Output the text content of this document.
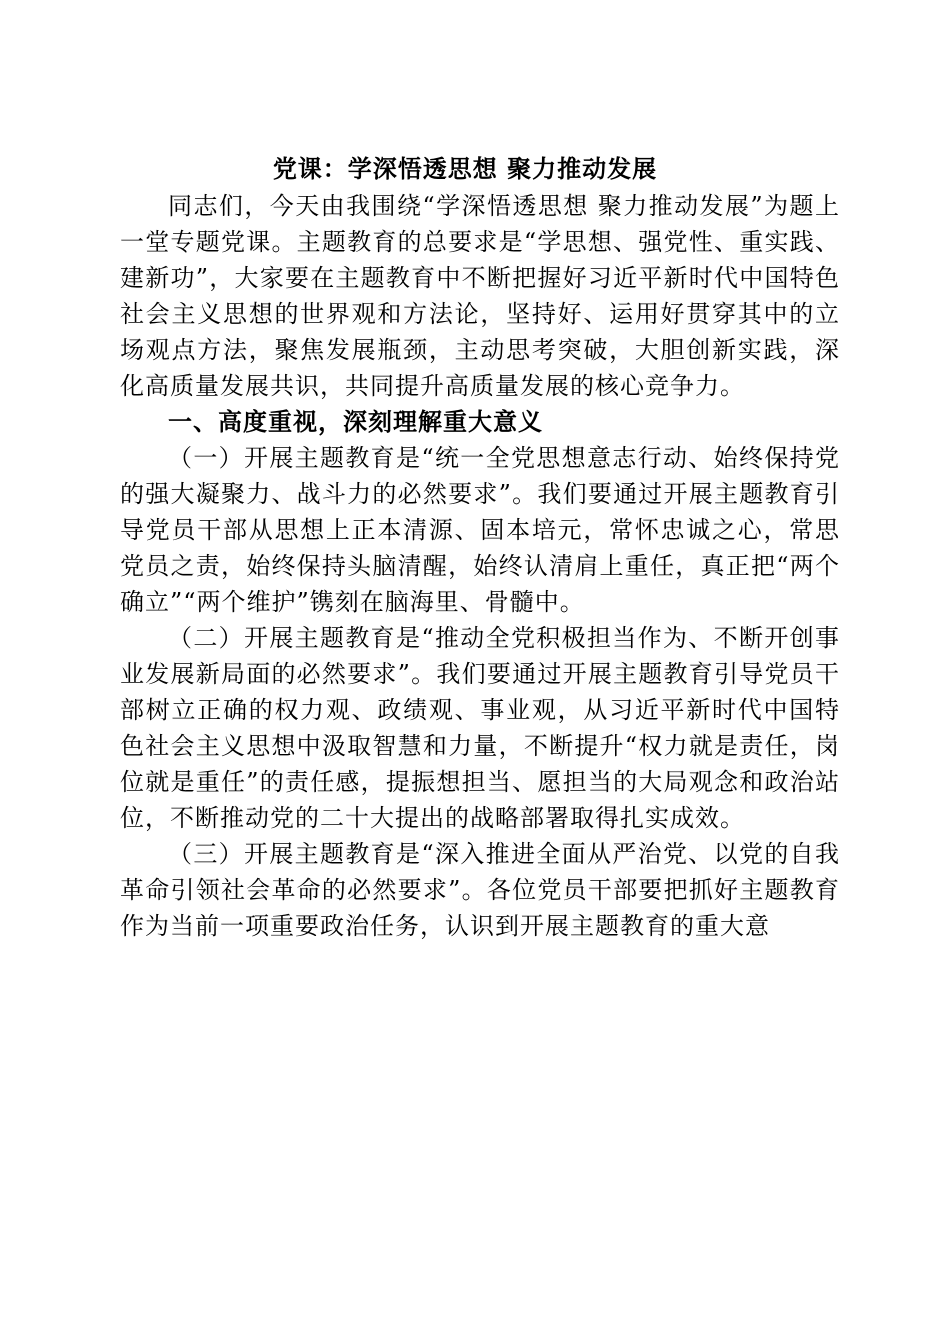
党课：学深悟透思想 聚力推动发展

同志们，今天由我围绕“学深悟透思想 聚力推动发展”为题上一堂专题党课。主题教育的总要求是“学思想、强党性、重实践、建新功”，大家要在主题教育中不断把握好习近平新时代中国特色社会主义思想的世界观和方法论，坚持好、运用好贯穿其中的立场观点方法，聚焦发展瓶颈，主动思考突破，大胆创新实践，深化高质量发展共识，共同提升高质量发展的核心竞争力。

一、高度重视，深刻理解重大意义

（一）开展主题教育是“统一全党思想意志行动、始终保持党的强大凝聚力、战斗力的必然要求”。我们要通过开展主题教育引导党员干部从思想上正本清源、固本培元，常怀忠诚之心，常思党员之责，始终保持头脑清醒，始终认清肩上重任，真正把“两个确立”“两个维护”镌刻在脑海里、骨髓中。

（二）开展主题教育是“推动全党积极担当作为、不断开创事业发展新局面的必然要求”。我们要通过开展主题教育引导党员干部树立正确的权力观、政绩观、事业观，从习近平新时代中国特色社会主义思想中汲取智慧和力量，不断提升“权力就是责任，岗位就是重任”的责任感，提振想担当、愿担当的大局观念和政治站位，不断推动党的二十大提出的战略部署取得扎实成效。

（三）开展主题教育是“深入推进全面从严治党、以党的自我革命引领社会革命的必然要求”。各位党员干部要把抓好主题教育作为当前一项重要政治任务，认识到开展主题教育的重大意
